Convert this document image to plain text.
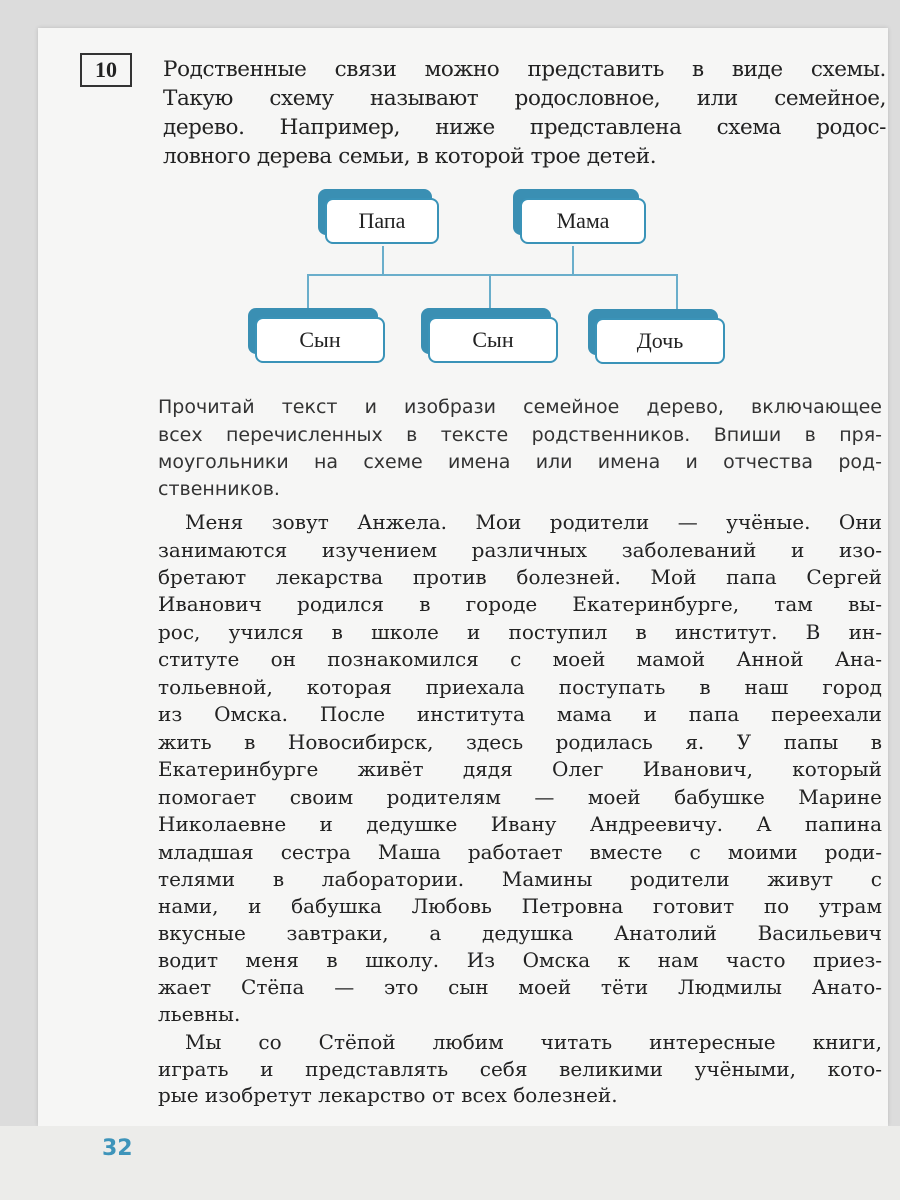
10	Родственные связи можно представить в виде схемы.
Такую схему называют родословное, или семейное,
дерево. Например, ниже представлена схема родос-
ловного дерева семьи, в которой трое детей.
Папа	Мама
Сын	Сын	Дочь
Прочитай текст и изобрази семейное дерево, включающее
всех перечисленных в тексте родственников. Впиши в пря-
моугольники на схеме имена или имена и отчества род-
ственников.
Меня зовут Анжела. Мои родители — учёные. Они
занимаются изучением различных заболеваний и изо-
бретают лекарства против болезней. Мой папа Сергей
Иванович родился в городе Екатеринбурге, там вы-
рос, учился в школе и поступил в институт. В ин-
ституте он познакомился с моей мамой Анной Ана-
тольевной, которая приехала поступать в наш город
из Омска. После института мама и папа переехали
жить в Новосибирск, здесь родилась я. У папы в
Екатеринбурге живёт дядя Олег Иванович, который
помогает своим родителям — моей бабушке Марине
Николаевне и дедушке Ивану Андреевичу. А папина
младшая сестра Маша работает вместе с моими роди-
телями в лаборатории. Мамины родители живут с
нами, и бабушка Любовь Петровна готовит по утрам
вкусные завтраки, а дедушка Анатолий Васильевич
водит меня в школу. Из Омска к нам часто приез-
жает Стёпа — это сын моей тёти Людмилы Анато-
льевны.
Мы со Стёпой любим читать интересные книги,
играть и представлять себя великими учёными, кото-
рые изобретут лекарство от всех болезней.
32
